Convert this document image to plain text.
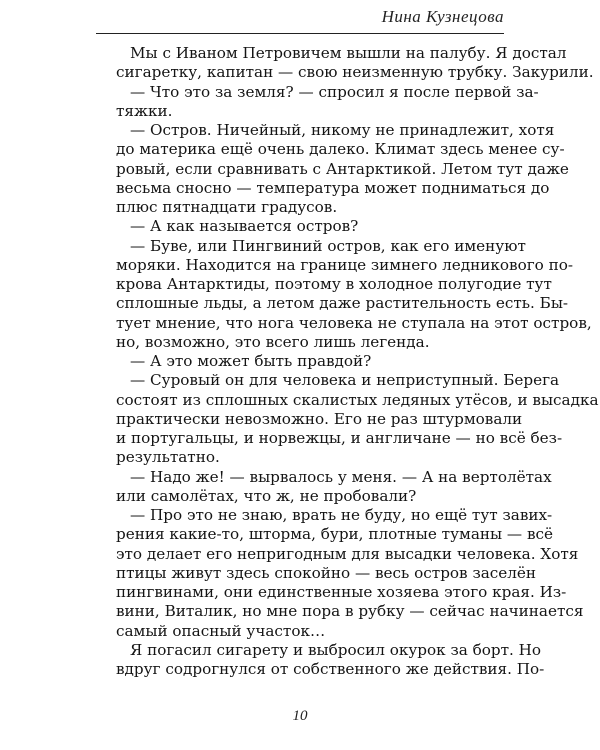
Нина Кузнецова
Мы с Иваном Петровичем вышли на палубу. Я достал
сигаретку, капитан — свою неизменную трубку. Закурили.
— Что это за земля? — спросил я после первой за-
тяжки.
— Остров. Ничейный, никому не принадлежит, хотя
до материка ещё очень далеко. Климат здесь менее су-
ровый, если сравнивать с Антарктикой. Летом тут даже
весьма сносно — температура может подниматься до
плюс пятнадцати градусов.
— А как называется остров?
— Буве, или Пингвиний остров, как его именуют
моряки. Находится на границе зимнего ледникового по-
крова Антарктиды, поэтому в холодное полугодие тут
сплошные льды, а летом даже растительность есть. Бы-
тует мнение, что нога человека не ступала на этот остров,
но, возможно, это всего лишь легенда.
— А это может быть правдой?
— Суровый он для человека и неприступный. Берега
состоят из сплошных скалистых ледяных утёсов, и высадка
практически невозможно. Его не раз штурмовали
и португальцы, и норвежцы, и англичане — но всё без-
результатно.
— Надо же! — вырвалось у меня. — А на вертолётах
или самолётах, что ж, не пробовали?
— Про это не знаю, врать не буду, но ещё тут завих-
рения какие-то, шторма, бури, плотные туманы — всё
это делает его непригодным для высадки человека. Хотя
птицы живут здесь спокойно — весь остров заселён
пингвинами, они единственные хозяева этого края. Из-
вини, Виталик, но мне пора в рубку — сейчас начинается
самый опасный участок…
Я погасил сигарету и выбросил окурок за борт. Но
вдруг содрогнулся от собственного же действия. По-
10
